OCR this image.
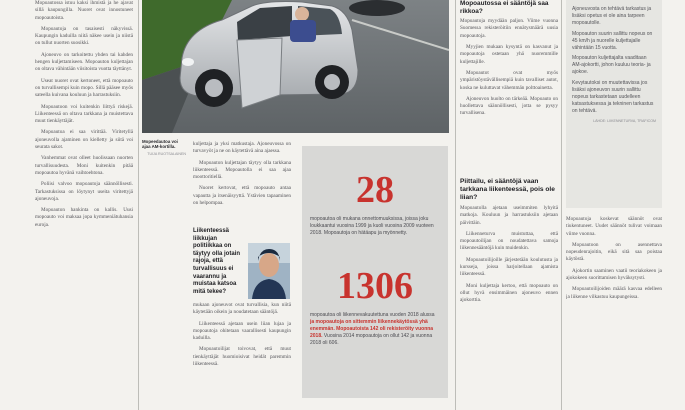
Mopoautossa istuu kaksi ihmistä ja he ajavat sillä kaupungilla. Nuoret ovat innostuneet mopoautoista.

Mopoautoja on tasaisesti näkyvissä. Kaupungin kaduilla niitä näkee usein ja niistä on tullut nuorten suosikki.

Ajoneuvo on tarkoitettu yhden tai kahden hengen kuljettamiseen. Mopoauton kuljettajan on oltava vähintään viisitoista vuotta täyttänyt.

Useat nuoret ovat kertoneet, että mopoauto on turvallisempi kuin mopo. Sillä pääsee myös sateella kuivana kouluun ja harrastuksiin.

Mopoautoon voi kuitenkin liittyä riskejä. Liikenteessä on oltava tarkkana ja muistettava muut tienkäyttäjät.

Mopoautoa ei saa virittää. Viritetyllä ajoneuvolla ajaminen on kielletty ja siitä voi seurata sakot.

Vanhemmat ovat olleet huolissaan nuorten turvallisuudesta. Moni kuitenkin pitää mopoautoa hyvänä vaihtoehtona.

Poliisi valvoo mopoautoja säännöllisesti. Tarkastuksissa on löytynyt useita viritettyjä ajoneuvoja.

Mopoauton hankinta on kallis. Uusi mopoauto voi maksaa jopa kymmeniätuhansia euroja.

Mopeedautoa voi ajaa AM-kortilla.
TUIJA RUOTSALAINEN

kuljettaja ja yksi matkustaja. Ajoneuvossa on turvavyöt ja ne on käytettävä aina ajaessa.

Mopoauton kuljettajan täytyy olla tarkkana liikenteessä. Mopoautolla ei saa ajaa moottoritiellä.

Nuoret kertovat, että mopoauto antaa vapautta ja itsenäisyyttä. Ystävien tapaaminen on helpompaa.

Liikenteessä liikkujan politiikkaa on täytyy olla jotain rajoja, että turvallisuus ei vaarannu ja muistaa katsoa mitä tekee?

mukaan ajoneuvot ovat turvallisia, kun niitä käytetään oikein ja noudatetaan sääntöjä.

Liikenteessä ajetaan usein liian lujaa ja mopoautoja ohitetaan vaarallisesti kaupungin kaduilla.

Mopoautoilijat toivovat, että muut tienkäyttäjät huomioisivat heidät paremmin liikenteessä.

28

mopoautoa oli mukana onnettomuuksissa, joissa joku loukkaantui vuosina 1999 ja kuoli vuosina 2009 vuoteen 2018. Mopoautoja on hätäapu ja myönnetty.

1306

mopoautoa oli liikennevakuutettuna vuoden 2018 alussa ja mopoautoja on sittemmin liikennekäytössä yhä enemmän. Mopoautoista 142 oli rekisteröity vuonna 2018. Vuosina 2014 mopoautoja on ollut 142 ja vuonna 2018 oli 606.

Mopoautossa ei sääntöjä saa rikkoa?

Mopoautoja myydään paljon. Viime vuonna Suomessa rekisteröitiin ennätysmäärä uusia mopoautoja.

Myyjien mukaan kysyntä on kasvanut ja mopoautoja ostetaan yhä nuoremmille kuljettajille.

Mopoautot ovat myös ympäristöystävällisempiä kuin tavalliset autot, koska ne kuluttavat vähemmän polttoainetta.

Ajoneuvon huolto on tärkeää. Mopoauto on huollettava säännöllisesti, jotta se pysyy turvallisena.

Piittailu, ei sääntöjä vaan tarkkana liikenteessä, pois ole liian?

Mopoautolla ajetaan useimmiten lyhyitä matkoja. Kouluun ja harrastuksiin ajetaan päivittäin.

Liikenneturva muistuttaa, että mopoautoilijan on noudatettava samoja liikennesääntöjä kuin muidenkin.

Mopoautoilijoille järjestetään koulutusta ja kursseja, joissa harjoitellaan ajamista liikenteessä.

Moni kuljettaja kertoo, että mopoauto on ollut hyvä ensimmäinen ajoneuvo ennen ajokorttia.

Ajoneuvosta on tehtävä tarkastus ja lisäksi opetus ei ole aina tarpeen mopoautolle.

Mopoauton suurin sallittu nopeus on 45 km/h ja nuorelle kuljettajalle vähintään 15 vuotta.

Mopoauton kuljettajalta vaaditaan AM-ajokortti, johon kuuluu teoria- ja ajokoe.

Kevytautoksi on muutettavissa jos lisäksi ajoneuvon suurin sallittu nopeus tarkastetaan uudelleen katsastuksessa ja tekninen tarkastus on tehtävä.

LÄHDE: LIIKENNETURVA, TRAFICOM

Mopoautoja koskevat säännöt ovat tiukentuneet. Uudet säännöt tulivat voimaan viime vuonna.

Mopoautoon on asennettava nopeudenrajoitin, eikä sitä saa poistaa käytöstä.

Ajokortin saaminen vaatii teoriakokeen ja ajokokeen suorittamisen hyväksytysti.

Mopoautoilijoiden määrä kasvaa edelleen ja liikenne vilkastuu kaupungeissa.
